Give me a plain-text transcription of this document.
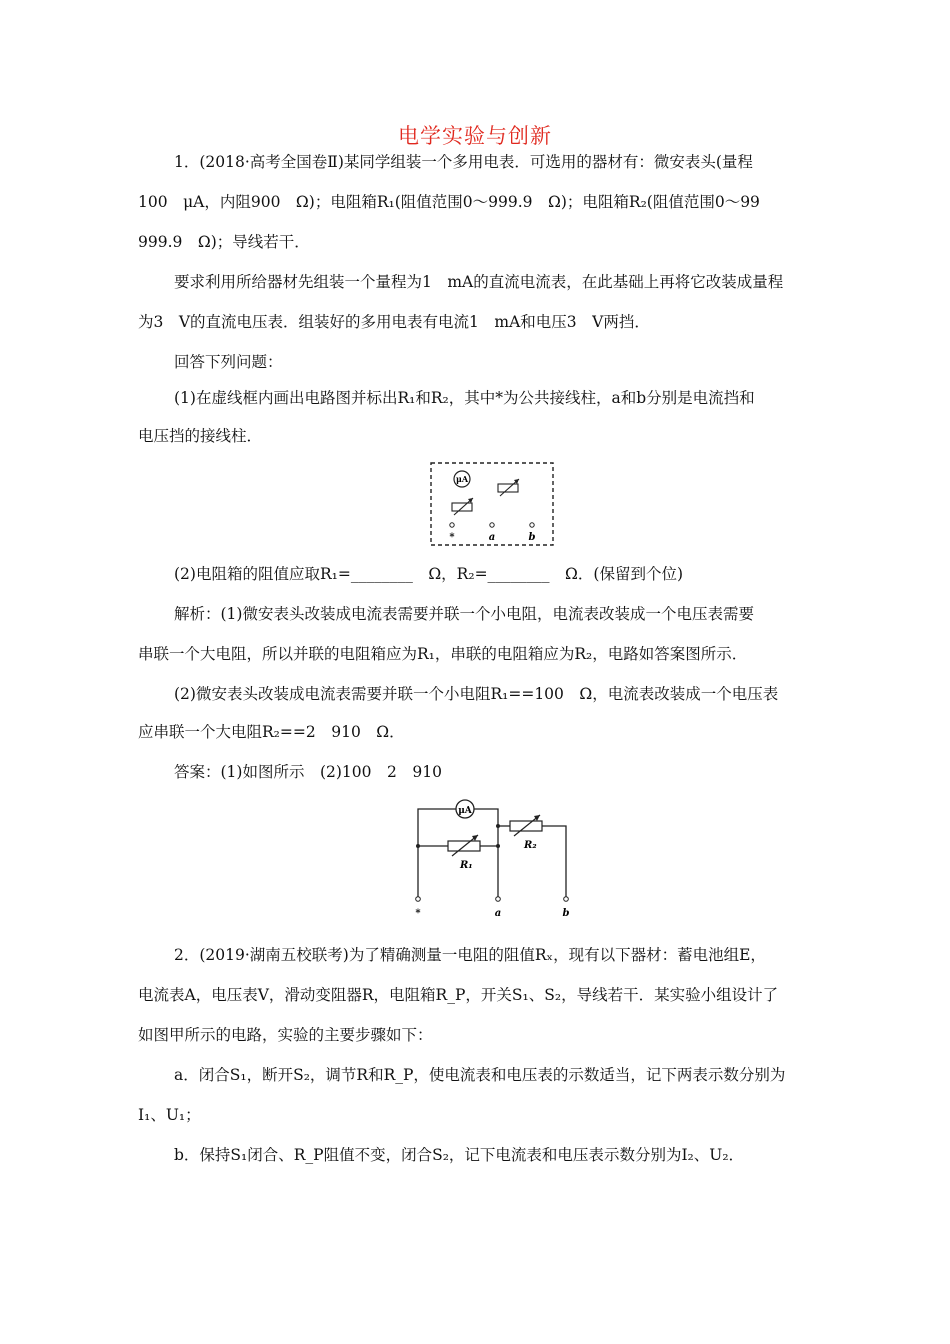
电学实验与创新
1．(2018·高考全国卷Ⅱ)某同学组装一个多用电表．可选用的器材有：微安表头(量程
100　μA，内阻900　Ω)；电阻箱R₁(阻值范围0～999.9　Ω)；电阻箱R₂(阻值范围0～99
999.9　Ω)；导线若干．
要求利用所给器材先组装一个量程为1　mA的直流电流表，在此基础上再将它改装成量程
为3　V的直流电压表．组装好的多用电表有电流1　mA和电压3　V两挡．
回答下列问题：
(1)在虚线框内画出电路图并标出R₁和R₂，其中*为公共接线柱，a和b分别是电流挡和
电压挡的接线柱．
μA
*	a	b
(2)电阻箱的阻值应取R₁=________　Ω，R₂=________　Ω．(保留到个位)
解析：(1)微安表头改装成电流表需要并联一个小电阻，电流表改装成一个电压表需要
串联一个大电阻，所以并联的电阻箱应为R₁，串联的电阻箱应为R₂，电路如答案图所示．
(2)微安表头改装成电流表需要并联一个小电阻R₁==100　Ω，电流表改装成一个电压表
应串联一个大电阻R₂==2　910　Ω．
答案：(1)如图所示　(2)100　2　910
μA
R₁
R₂
*	a	b
2．(2019·湖南五校联考)为了精确测量一电阻的阻值Rₓ，现有以下器材：蓄电池组E，
电流表A，电压表V，滑动变阻器R，电阻箱R_P，开关S₁、S₂，导线若干．某实验小组设计了
如图甲所示的电路，实验的主要步骤如下：
a．闭合S₁，断开S₂，调节R和R_P，使电流表和电压表的示数适当，记下两表示数分别为
I₁、U₁；
b．保持S₁闭合、R_P阻值不变，闭合S₂，记下电流表和电压表示数分别为I₂、U₂．
